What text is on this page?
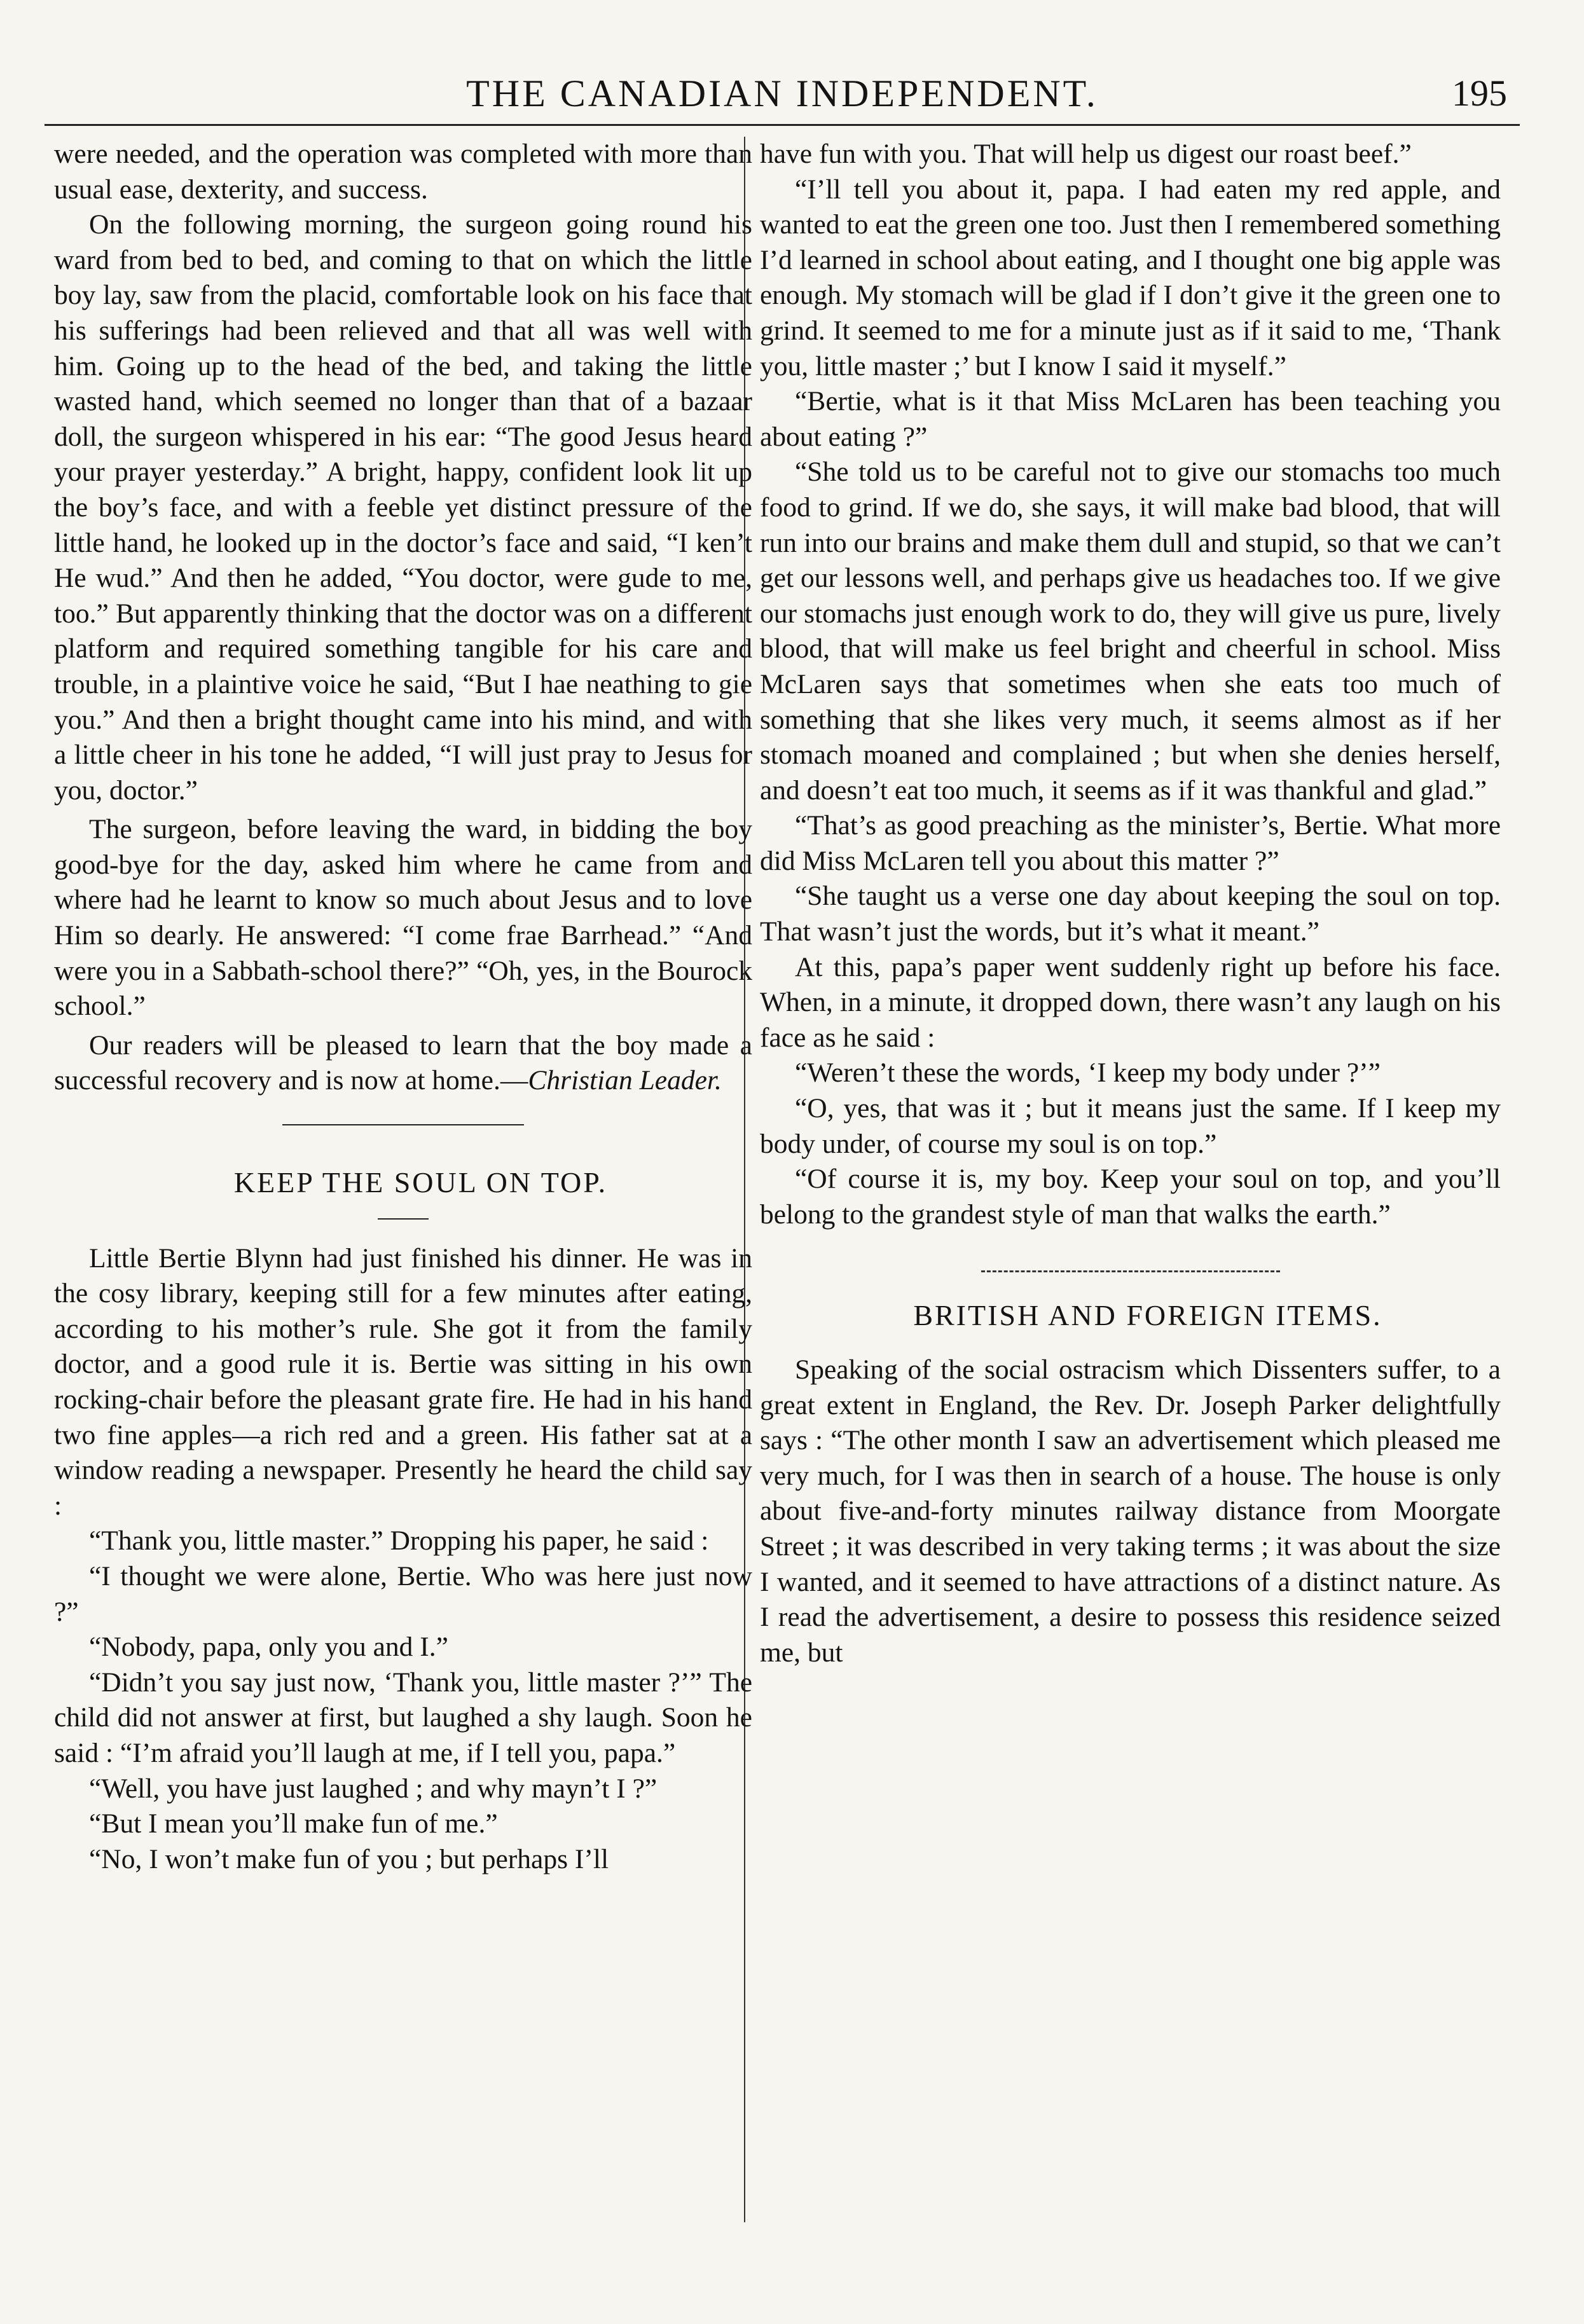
THE CANADIAN INDEPENDENT.	195

were needed, and the operation was completed with more than usual ease, dexterity, and success.

On the following morning, the surgeon going round his ward from bed to bed, and coming to that on which the little boy lay, saw from the placid, comfortable look on his face that his sufferings had been relieved and that all was well with him. Going up to the head of the bed, and taking the little wasted hand, which seemed no longer than that of a bazaar doll, the surgeon whispered in his ear: “The good Jesus heard your prayer yesterday.” A bright, happy, confident look lit up the boy’s face, and with a feeble yet distinct pressure of the little hand, he looked up in the doctor’s face and said, “I ken’t He wud.” And then he added, “You doctor, were gude to me, too.” But apparently thinking that the doctor was on a different platform and required something tangible for his care and trouble, in a plaintive voice he said, “But I hae neathing to gie you.” And then a bright thought came into his mind, and with a little cheer in his tone he added, “I will just pray to Jesus for you, doctor.”

The surgeon, before leaving the ward, in bidding the boy good-bye for the day, asked him where he came from and where had he learnt to know so much about Jesus and to love Him so dearly. He answered: “I come frae Barrhead.” “And were you in a Sabbath-school there?” “Oh, yes, in the Bourock school.”

Our readers will be pleased to learn that the boy made a successful recovery and is now at home.—Christian Leader.

KEEP THE SOUL ON TOP.

Little Bertie Blynn had just finished his dinner. He was in the cosy library, keeping still for a few minutes after eating, according to his mother’s rule. She got it from the family doctor, and a good rule it is. Bertie was sitting in his own rocking-chair before the pleasant grate fire. He had in his hand two fine apples—a rich red and a green. His father sat at a window reading a newspaper. Presently he heard the child say :

“Thank you, little master.” Dropping his paper, he said :

“I thought we were alone, Bertie. Who was here just now ?”

“Nobody, papa, only you and I.”

“Didn’t you say just now, ‘Thank you, little master ?’” The child did not answer at first, but laughed a shy laugh. Soon he said : “I’m afraid you’ll laugh at me, if I tell you, papa.”

“Well, you have just laughed ; and why mayn’t I ?”

“But I mean you’ll make fun of me.”

“No, I won’t make fun of you ; but perhaps I’ll

have fun with you. That will help us digest our roast beef.”

“I’ll tell you about it, papa. I had eaten my red apple, and wanted to eat the green one too. Just then I remembered something I’d learned in school about eating, and I thought one big apple was enough. My stomach will be glad if I don’t give it the green one to grind. It seemed to me for a minute just as if it said to me, ‘Thank you, little master ;’ but I know I said it myself.”

“Bertie, what is it that Miss McLaren has been teaching you about eating ?”

“She told us to be careful not to give our stomachs too much food to grind. If we do, she says, it will make bad blood, that will run into our brains and make them dull and stupid, so that we can’t get our lessons well, and perhaps give us headaches too. If we give our stomachs just enough work to do, they will give us pure, lively blood, that will make us feel bright and cheerful in school. Miss McLaren says that sometimes when she eats too much of something that she likes very much, it seems almost as if her stomach moaned and complained ; but when she denies herself, and doesn’t eat too much, it seems as if it was thankful and glad.”

“That’s as good preaching as the minister’s, Bertie. What more did Miss McLaren tell you about this matter ?”

“She taught us a verse one day about keeping the soul on top. That wasn’t just the words, but it’s what it meant.”

At this, papa’s paper went suddenly right up before his face. When, in a minute, it dropped down, there wasn’t any laugh on his face as he said :

“Weren’t these the words, ‘I keep my body under ?’”

“O, yes, that was it ; but it means just the same. If I keep my body under, of course my soul is on top.”

“Of course it is, my boy. Keep your soul on top, and you’ll belong to the grandest style of man that walks the earth.”

BRITISH AND FOREIGN ITEMS.

Speaking of the social ostracism which Dissenters suffer, to a great extent in England, the Rev. Dr. Joseph Parker delightfully says : “The other month I saw an advertisement which pleased me very much, for I was then in search of a house. The house is only about five-and-forty minutes railway distance from Moorgate Street ; it was described in very taking terms ; it was about the size I wanted, and it seemed to have attractions of a distinct nature. As I read the advertisement, a desire to possess this residence seized me, but
